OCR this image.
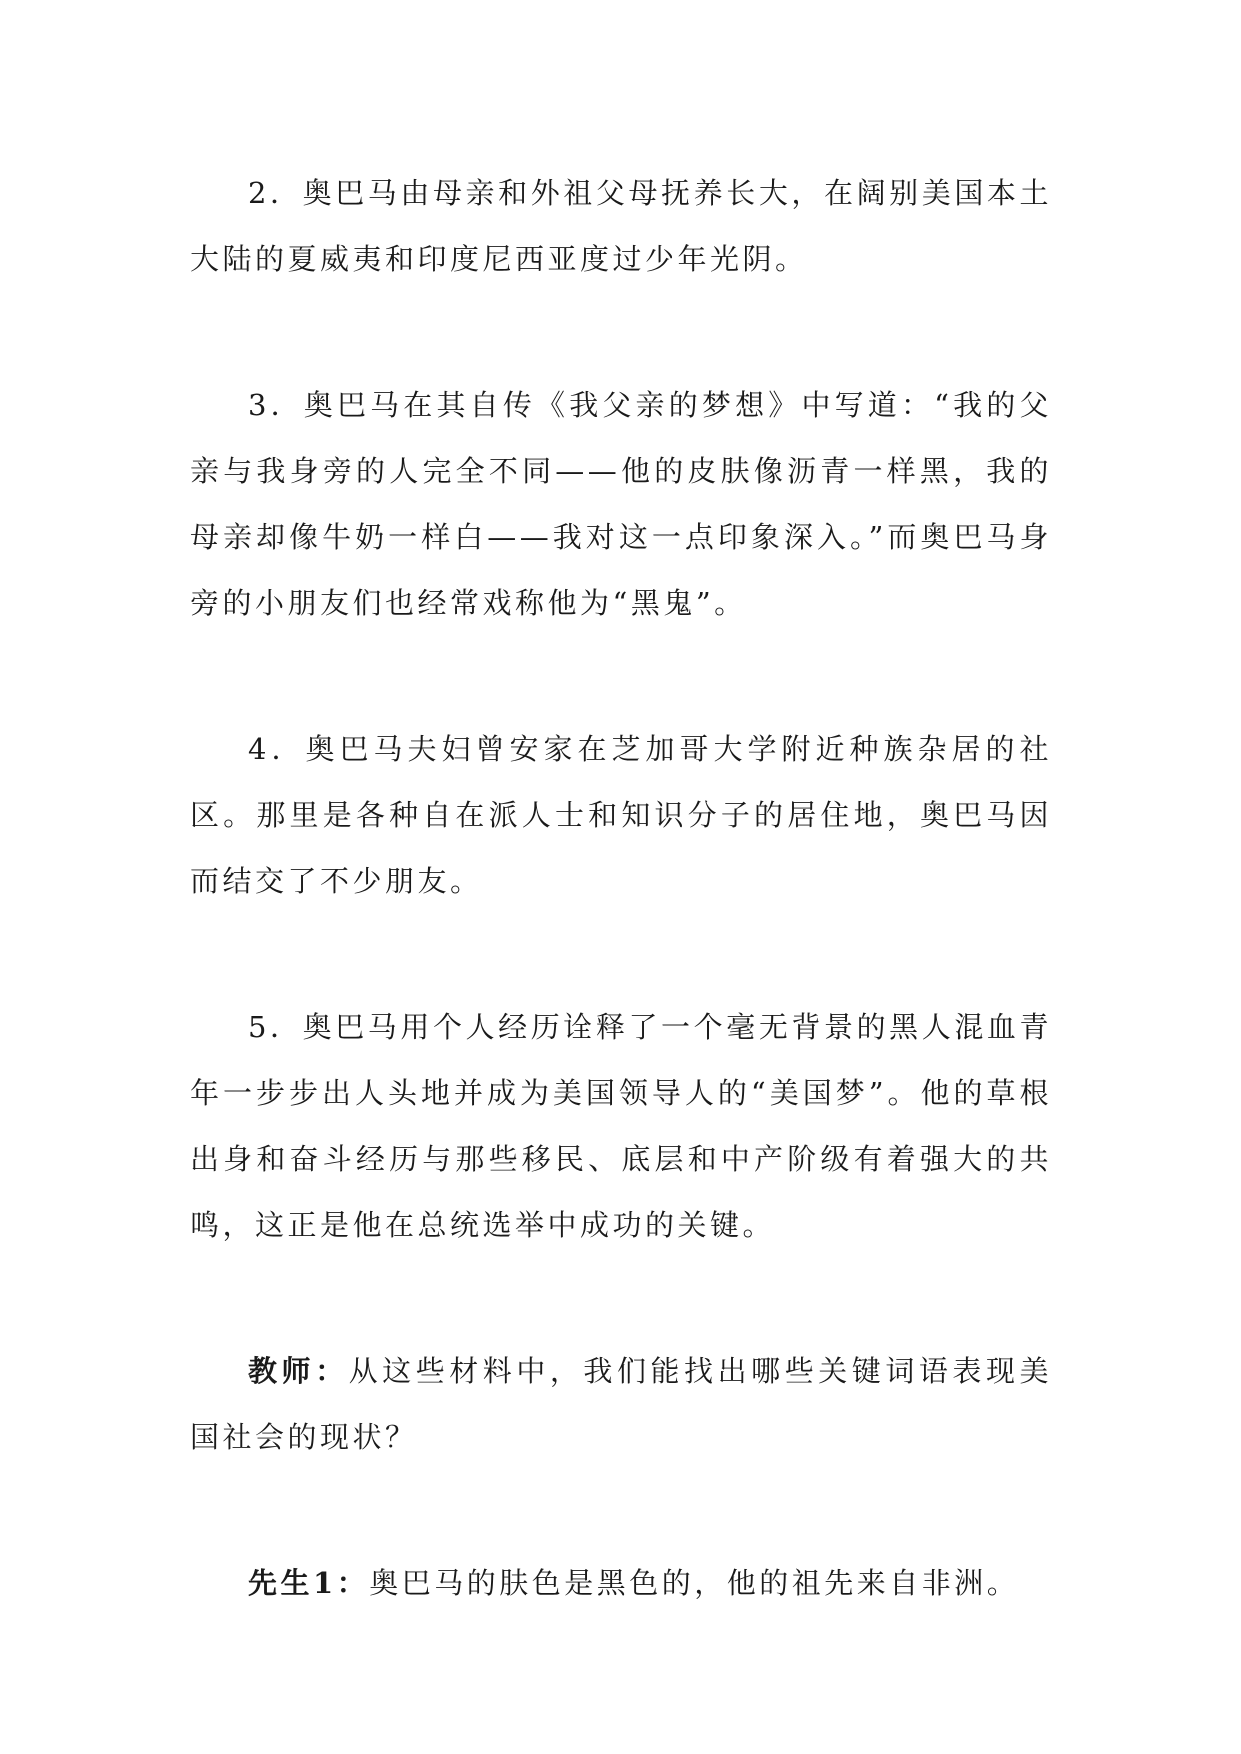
2．奥巴马由母亲和外祖父母抚养长大，在阔别美国本土大陆的夏威夷和印度尼西亚度过少年光阴。

3．奥巴马在其自传《我父亲的梦想》中写道：“我的父亲与我身旁的人完全不同——他的皮肤像沥青一样黑，我的母亲却像牛奶一样白——我对这一点印象深入。”而奥巴马身旁的小朋友们也经常戏称他为“黑鬼”。

4．奥巴马夫妇曾安家在芝加哥大学附近种族杂居的社区。那里是各种自在派人士和知识分子的居住地，奥巴马因而结交了不少朋友。

5．奥巴马用个人经历诠释了一个毫无背景的黑人混血青年一步步出人头地并成为美国领导人的“美国梦”。他的草根出身和奋斗经历与那些移民、底层和中产阶级有着强大的共鸣，这正是他在总统选举中成功的关键。

教师：从这些材料中，我们能找出哪些关键词语表现美国社会的现状？

先生1：奥巴马的肤色是黑色的，他的祖先来自非洲。
